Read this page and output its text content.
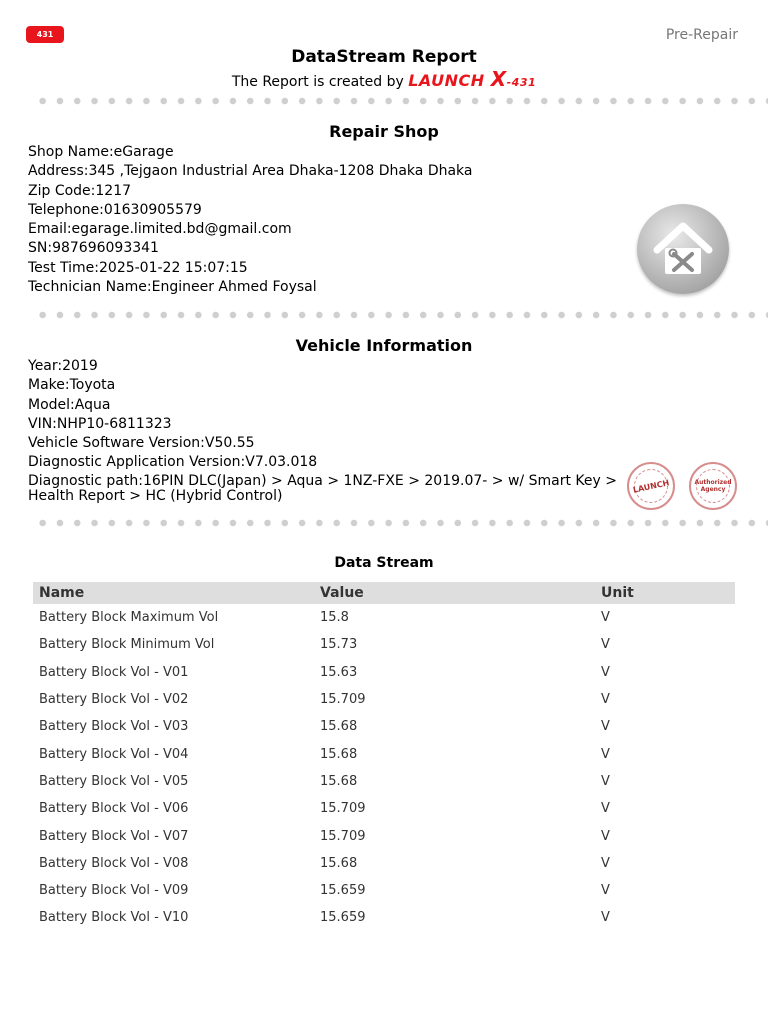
431	Pre-Repair
DataStream Report
The Report is created by LAUNCH X-431
Repair Shop
Shop Name:eGarage
Address:345 ,Tejgaon Industrial Area Dhaka-1208 Dhaka Dhaka
Zip Code:1217
Telephone:01630905579
Email:egarage.limited.bd@gmail.com
SN:987696093341
Test Time:2025-01-22 15:07:15
Technician Name:Engineer Ahmed Foysal
Vehicle Information
Year:2019
Make:Toyota
Model:Aqua
VIN:NHP10-6811323
Vehicle Software Version:V50.55
Diagnostic Application Version:V7.03.018
Diagnostic path:16PIN DLC(Japan) > Aqua > 1NZ-FXE > 2019.07- > w/ Smart Key >
Health Report > HC (Hybrid Control)
LAUNCH	Authorized Agency
Data Stream
Name	Value	Unit
Battery Block Maximum Vol	15.8	V
Battery Block Minimum Vol	15.73	V
Battery Block Vol - V01	15.63	V
Battery Block Vol - V02	15.709	V
Battery Block Vol - V03	15.68	V
Battery Block Vol - V04	15.68	V
Battery Block Vol - V05	15.68	V
Battery Block Vol - V06	15.709	V
Battery Block Vol - V07	15.709	V
Battery Block Vol - V08	15.68	V
Battery Block Vol - V09	15.659	V
Battery Block Vol - V10	15.659	V
